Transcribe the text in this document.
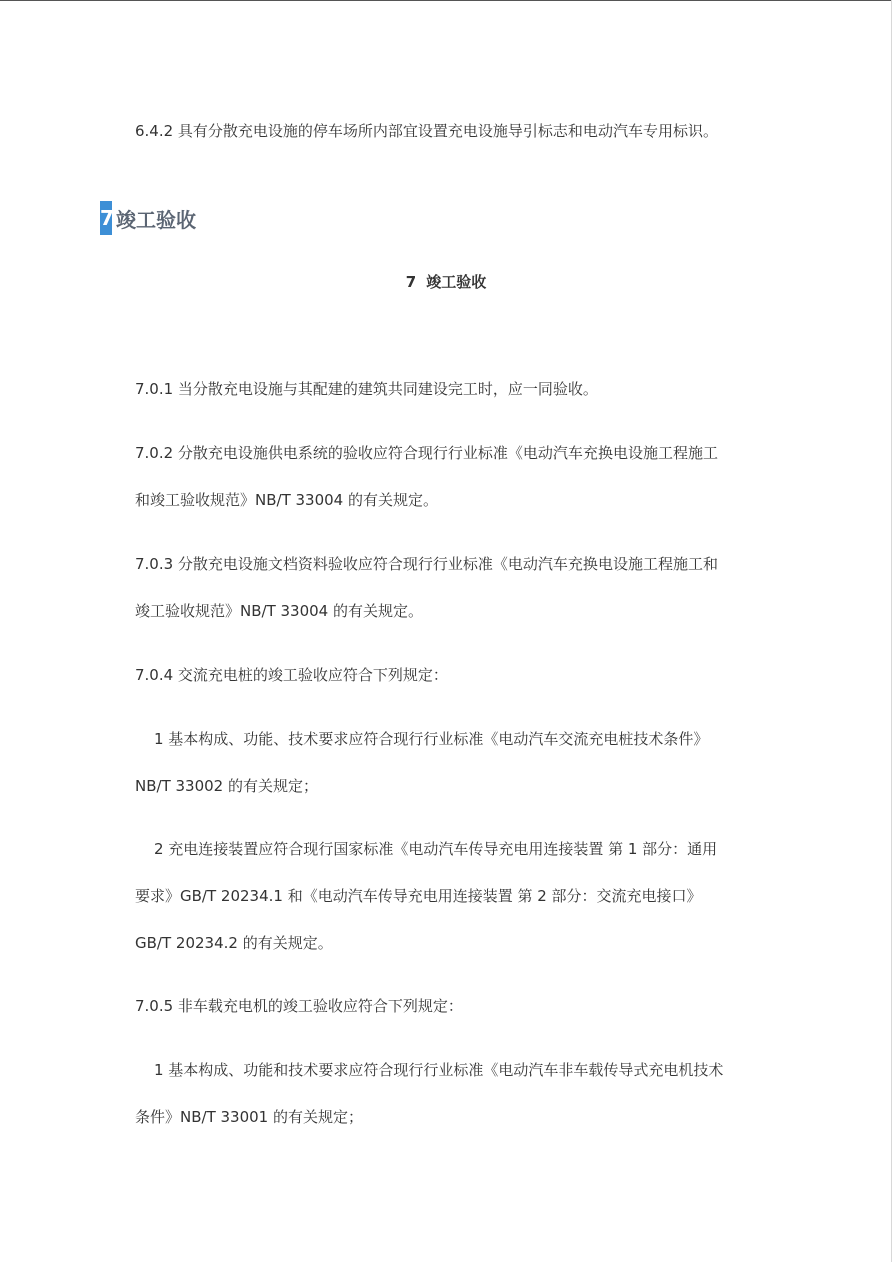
6.4.2 具有分散充电设施的停车场所内部宜设置充电设施导引标志和电动汽车专用标识。
7 竣工验收
7 竣工验收
7.0.1 当分散充电设施与其配建的建筑共同建设完工时，应一同验收。
7.0.2 分散充电设施供电系统的验收应符合现行行业标准《电动汽车充换电设施工程施工
和竣工验收规范》NB/T 33004 的有关规定。
7.0.3 分散充电设施文档资料验收应符合现行行业标准《电动汽车充换电设施工程施工和
竣工验收规范》NB/T 33004 的有关规定。
7.0.4 交流充电桩的竣工验收应符合下列规定：
1 基本构成、功能、技术要求应符合现行行业标准《电动汽车交流充电桩技术条件》
NB/T 33002 的有关规定；
2 充电连接装置应符合现行国家标准《电动汽车传导充电用连接装置 第 1 部分：通用
要求》GB/T 20234.1 和《电动汽车传导充电用连接装置 第 2 部分：交流充电接口》
GB/T 20234.2 的有关规定。
7.0.5 非车载充电机的竣工验收应符合下列规定：
1 基本构成、功能和技术要求应符合现行行业标准《电动汽车非车载传导式充电机技术
条件》NB/T 33001 的有关规定；
